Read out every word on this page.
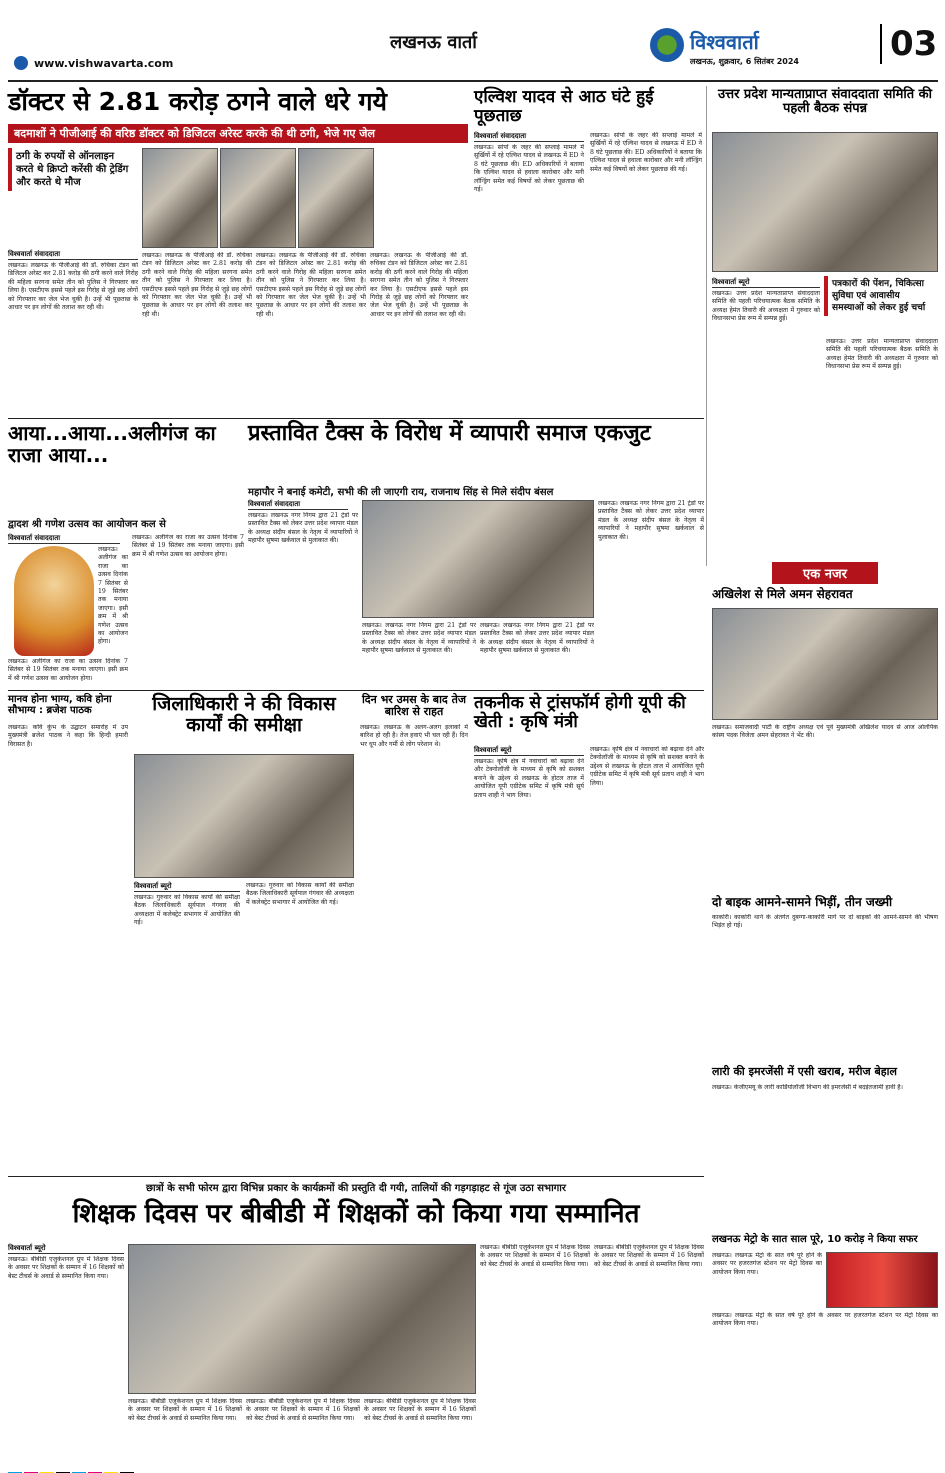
लखनऊ वार्ता
www.vishwavarta.com
विश्ववार्ता
लखनऊ, शुक्रवार, 6 सितंबर 2024	03
डॉक्टर से 2.81 करोड़ ठगने वाले धरे गये
बदमाशों ने पीजीआई की वरिष्ठ डॉक्टर को डिजिटल अरेस्ट करके की थी ठगी, भेजे गए जेल
ठगी के रुपयों से ऑनलाइन करते थे क्रिप्टो करेंसी की ट्रेडिंग और करते थे मौज
विश्ववार्ता संवाददाता
लखनऊ। लखनऊ के पीजीआई की डॉ. रुचिका टंडन को डिजिटल अरेस्ट कर 2.81 करोड़ की ठगी करने वाले गिरोह की महिला सरगना समेत तीन को पुलिस ने गिरफ्तार कर लिया है। एसटीएफ इससे पहले इस गिरोह से जुड़े छह लोगों को गिरफ्तार कर जेल भेज चुकी है। उन्हें भी पूछताछ के आधार पर इन लोगों की तलाश कर रही थी।
लखनऊ। लखनऊ के पीजीआई की डॉ. रुचिका टंडन को डिजिटल अरेस्ट कर 2.81 करोड़ की ठगी करने वाले गिरोह की महिला सरगना समेत तीन को पुलिस ने गिरफ्तार कर लिया है। एसटीएफ इससे पहले इस गिरोह से जुड़े छह लोगों को गिरफ्तार कर जेल भेज चुकी है। उन्हें भी पूछताछ के आधार पर इन लोगों की तलाश कर रही थी।
लखनऊ। लखनऊ के पीजीआई की डॉ. रुचिका टंडन को डिजिटल अरेस्ट कर 2.81 करोड़ की ठगी करने वाले गिरोह की महिला सरगना समेत तीन को पुलिस ने गिरफ्तार कर लिया है। एसटीएफ इससे पहले इस गिरोह से जुड़े छह लोगों को गिरफ्तार कर जेल भेज चुकी है। उन्हें भी पूछताछ के आधार पर इन लोगों की तलाश कर रही थी।
लखनऊ। लखनऊ के पीजीआई की डॉ. रुचिका टंडन को डिजिटल अरेस्ट कर 2.81 करोड़ की ठगी करने वाले गिरोह की महिला सरगना समेत तीन को पुलिस ने गिरफ्तार कर लिया है। एसटीएफ इससे पहले इस गिरोह से जुड़े छह लोगों को गिरफ्तार कर जेल भेज चुकी है। उन्हें भी पूछताछ के आधार पर इन लोगों की तलाश कर रही थी।
एल्विश यादव से आठ घंटे हुई पूछताछ
विश्ववार्ता संवाददाता
लखनऊ। सांपों के जहर की सप्लाई मामले में सुर्खियों में रहे एल्विश यादव से लखनऊ में ED ने 8 घंटे पूछताछ की। ED अधिकारियों ने बताया कि एल्विश यादव से हवाला कारोबार और मनी लॉन्ड्रिंग समेत कई विषयों को लेकर पूछताछ की गई।
लखनऊ। सांपों के जहर की सप्लाई मामले में सुर्खियों में रहे एल्विश यादव से लखनऊ में ED ने 8 घंटे पूछताछ की। ED अधिकारियों ने बताया कि एल्विश यादव से हवाला कारोबार और मनी लॉन्ड्रिंग समेत कई विषयों को लेकर पूछताछ की गई।
उत्तर प्रदेश मान्यताप्राप्त संवाददाता समिति की पहली बैठक संपन्न
विश्ववार्ता ब्यूरो	पत्रकारों की पेंशन, चिकित्सा सुविधा एवं आवासीय समस्याओं को लेकर हुई चर्चा
लखनऊ। उत्तर प्रदेश मान्यताप्राप्त संवाददाता समिति की पहली परिचयात्मक बैठक समिति के अध्यक्ष हेमंत तिवारी की अध्यक्षता में गुरुवार को विधानसभा प्रेस रूम में सम्पन्न हुई।
लखनऊ। उत्तर प्रदेश मान्यताप्राप्त संवाददाता समिति की पहली परिचयात्मक बैठक समिति के अध्यक्ष हेमंत तिवारी की अध्यक्षता में गुरुवार को विधानसभा प्रेस रूम में सम्पन्न हुई।
आया...आया...अलीगंज का राजा आया...
द्वादश श्री गणेश उत्सव का आयोजन कल से
विश्ववार्ता संवाददाता
लखनऊ। अलीगंज का राजा का उत्सव दिनांक 7 सितंबर से 19 सितंबर तक मनाया जाएगा। इसी क्रम में श्री गणेश उत्सव का आयोजन होगा।
लखनऊ। अलीगंज का राजा का उत्सव दिनांक 7 सितंबर से 19 सितंबर तक मनाया जाएगा। इसी क्रम में श्री गणेश उत्सव का आयोजन होगा।
लखनऊ। अलीगंज का राजा का उत्सव दिनांक 7 सितंबर से 19 सितंबर तक मनाया जाएगा। इसी क्रम में श्री गणेश उत्सव का आयोजन होगा।
प्रस्तावित टैक्स के विरोध में व्यापारी समाज एकजुट
महापौर ने बनाई कमेटी, सभी की ली जाएगी राय, राजनाथ सिंह से मिले संदीप बंसल
विश्ववार्ता संवाददाता
लखनऊ। लखनऊ नगर निगम द्वारा 21 ट्रेडों पर प्रस्तावित टैक्स को लेकर उत्तर प्रदेश व्यापार मंडल के अध्यक्ष संदीप बंसल के नेतृत्व में व्यापारियों ने महापौर सुषमा खर्कवाल से मुलाकात की।
लखनऊ। लखनऊ नगर निगम द्वारा 21 ट्रेडों पर प्रस्तावित टैक्स को लेकर उत्तर प्रदेश व्यापार मंडल के अध्यक्ष संदीप बंसल के नेतृत्व में व्यापारियों ने महापौर सुषमा खर्कवाल से मुलाकात की।
लखनऊ। लखनऊ नगर निगम द्वारा 21 ट्रेडों पर प्रस्तावित टैक्स को लेकर उत्तर प्रदेश व्यापार मंडल के अध्यक्ष संदीप बंसल के नेतृत्व में व्यापारियों ने महापौर सुषमा खर्कवाल से मुलाकात की।
लखनऊ। लखनऊ नगर निगम द्वारा 21 ट्रेडों पर प्रस्तावित टैक्स को लेकर उत्तर प्रदेश व्यापार मंडल के अध्यक्ष संदीप बंसल के नेतृत्व में व्यापारियों ने महापौर सुषमा खर्कवाल से मुलाकात की।
मानव होना भाग्य, कवि होना सौभाग्य : ब्रजेश पाठक
लखनऊ। कवि कुंभ के उद्घाटन समारोह में उप मुख्यमंत्री ब्रजेश पाठक ने कहा कि हिन्दी हमारी विरासत है।
जिलाधिकारी ने की विकास कार्यों की समीक्षा
विश्ववार्ता ब्यूरो
लखनऊ। गुरुवार को विकास कार्यों की समीक्षा बैठक जिलाधिकारी सूर्यपाल गंगवार की अध्यक्षता में कलेक्ट्रेट सभागार में आयोजित की गई।
लखनऊ। गुरुवार को विकास कार्यों की समीक्षा बैठक जिलाधिकारी सूर्यपाल गंगवार की अध्यक्षता में कलेक्ट्रेट सभागार में आयोजित की गई।
दिन भर उमस के बाद तेज बारिश से राहत
लखनऊ। लखनऊ के अलग-अलग इलाकों में बारिश हो रही है। तेज हवाएं भी चल रही हैं। दिन भर धूप और गर्मी से लोग परेशान थे।
तकनीक से ट्रांसफॉर्म होगी यूपी की खेती : कृषि मंत्री
विश्ववार्ता ब्यूरो
लखनऊ। कृषि क्षेत्र में नवाचारों को बढ़ावा देने और टेक्नोलॉजी के माध्यम से कृषि को सशक्त बनाने के उद्देश्य से लखनऊ के होटल ताज में आयोजित यूपी एग्रीटेक समिट में कृषि मंत्री सूर्य प्रताप शाही ने भाग लिया।
लखनऊ। कृषि क्षेत्र में नवाचारों को बढ़ावा देने और टेक्नोलॉजी के माध्यम से कृषि को सशक्त बनाने के उद्देश्य से लखनऊ के होटल ताज में आयोजित यूपी एग्रीटेक समिट में कृषि मंत्री सूर्य प्रताप शाही ने भाग लिया।
एक नजर
अखिलेश से मिले अमन सेहरावत
लखनऊ। समाजवादी पार्टी के राष्ट्रीय अध्यक्ष एवं पूर्व मुख्यमंत्री अखिलेश यादव से आज ओलंपिक कांस्य पदक विजेता अमन सेहरावत ने भेंट की।
दो बाइक आमने-सामने भिड़ीं, तीन जख्मी
काकोरी। काकोरी थाने के अंतर्गत दुबग्गा-काकोरी मार्ग पर दो बाइकों की आमने-सामने की भीषण भिड़ंत हो गई।
लारी की इमरजेंसी में एसी खराब, मरीज बेहाल
लखनऊ। केजीएमयू के लारी कार्डियोलॉजी विभाग की इमरजेंसी में बदइंतजामी हावी है।
लखनऊ मेट्रो के सात साल पूरे, 10 करोड़ ने किया सफर
लखनऊ। लखनऊ मेट्रो के सात वर्ष पूरे होने के अवसर पर हजरतगंज स्टेशन पर मेट्रो दिवस का आयोजन किया गया।
लखनऊ। लखनऊ मेट्रो के सात वर्ष पूरे होने के अवसर पर हजरतगंज स्टेशन पर मेट्रो दिवस का आयोजन किया गया।
छात्रों के सभी फोरम द्वारा विभिन्न प्रकार के कार्यक्रमों की प्रस्तुति दी गयी, तालियों की गड़गड़ाहट से गूंज उठा सभागार
शिक्षक दिवस पर बीबीडी में शिक्षकों को किया गया सम्मानित
विश्ववार्ता ब्यूरो
लखनऊ। बीबीडी एजुकेशनल ग्रुप में शिक्षक दिवस के अवसर पर शिक्षकों के सम्मान में 16 शिक्षकों को बेस्ट टीचर्स के अवार्ड से सम्मानित किया गया।
लखनऊ। बीबीडी एजुकेशनल ग्रुप में शिक्षक दिवस के अवसर पर शिक्षकों के सम्मान में 16 शिक्षकों को बेस्ट टीचर्स के अवार्ड से सम्मानित किया गया।
लखनऊ। बीबीडी एजुकेशनल ग्रुप में शिक्षक दिवस के अवसर पर शिक्षकों के सम्मान में 16 शिक्षकों को बेस्ट टीचर्स के अवार्ड से सम्मानित किया गया।
लखनऊ। बीबीडी एजुकेशनल ग्रुप में शिक्षक दिवस के अवसर पर शिक्षकों के सम्मान में 16 शिक्षकों को बेस्ट टीचर्स के अवार्ड से सम्मानित किया गया।
लखनऊ। बीबीडी एजुकेशनल ग्रुप में शिक्षक दिवस के अवसर पर शिक्षकों के सम्मान में 16 शिक्षकों को बेस्ट टीचर्स के अवार्ड से सम्मानित किया गया।
लखनऊ। बीबीडी एजुकेशनल ग्रुप में शिक्षक दिवस के अवसर पर शिक्षकों के सम्मान में 16 शिक्षकों को बेस्ट टीचर्स के अवार्ड से सम्मानित किया गया।
